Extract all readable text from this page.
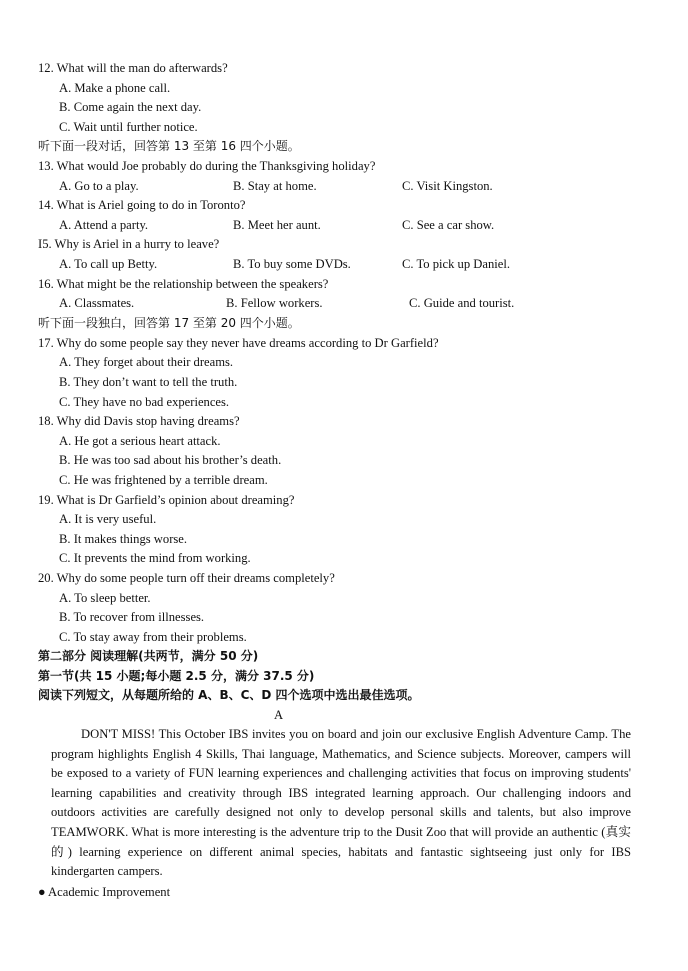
12. What will the man do afterwards?
A. Make a phone call.
B. Come again the next day.
C. Wait until further notice.
听下面一段对话，回答第 13 至第 16 四个小题。
13. What would Joe probably do during the Thanksgiving holiday?
A. Go to a play.	B. Stay at home.	C. Visit Kingston.
14. What is Ariel going to do in Toronto?
A. Attend a party.	B. Meet her aunt.	C. See a car show.
I5. Why is Ariel in a hurry to leave?
A. To call up Betty.	B. To buy some DVDs.	C. To pick up Daniel.
16. What might be the relationship between the speakers?
A. Classmates.	B. Fellow workers.	C. Guide and tourist.
听下面一段独白，回答第 17 至第 20 四个小题。
17. Why do some people say they never have dreams according to Dr Garfield?
A. They forget about their dreams.
B. They don’t want to tell the truth.
C. They have no bad experiences.
18. Why did Davis stop having dreams?
A. He got a serious heart attack.
B. He was too sad about his brother’s death.
C. He was frightened by a terrible dream.
19. What is Dr Garfield’s opinion about dreaming?
A. It is very useful.
B. It makes things worse.
C. It prevents the mind from working.
20. Why do some people turn off their dreams completely?
A. To sleep better.
B. To recover from illnesses.
C. To stay away from their problems.
第二部分 阅读理解(共两节，满分 50 分)
第一节(共 15 小题;每小题 2.5 分，满分 37.5 分)
阅读下列短文，从每题所给的 A、B、C、D 四个选项中选出最佳选项。
A
DON'T MISS! This October IBS invites you on board and join our exclusive English Adventure Camp. The program highlights English 4 Skills, Thai language, Mathematics, and Science subjects. Moreover, campers will be exposed to a variety of FUN learning experiences and challenging activities that focus on improving students' learning capabilities and creativity through IBS integrated learning approach. Our challenging indoors and outdoors activities are carefully designed not only to develop personal skills and talents, but also improve TEAMWORK. What is more interesting is the adventure trip to the Dusit Zoo that will provide an authentic (真实的) learning experience on different animal species, habitats and fantastic sightseeing just only for IBS kindergarten campers.
● Academic Improvement
